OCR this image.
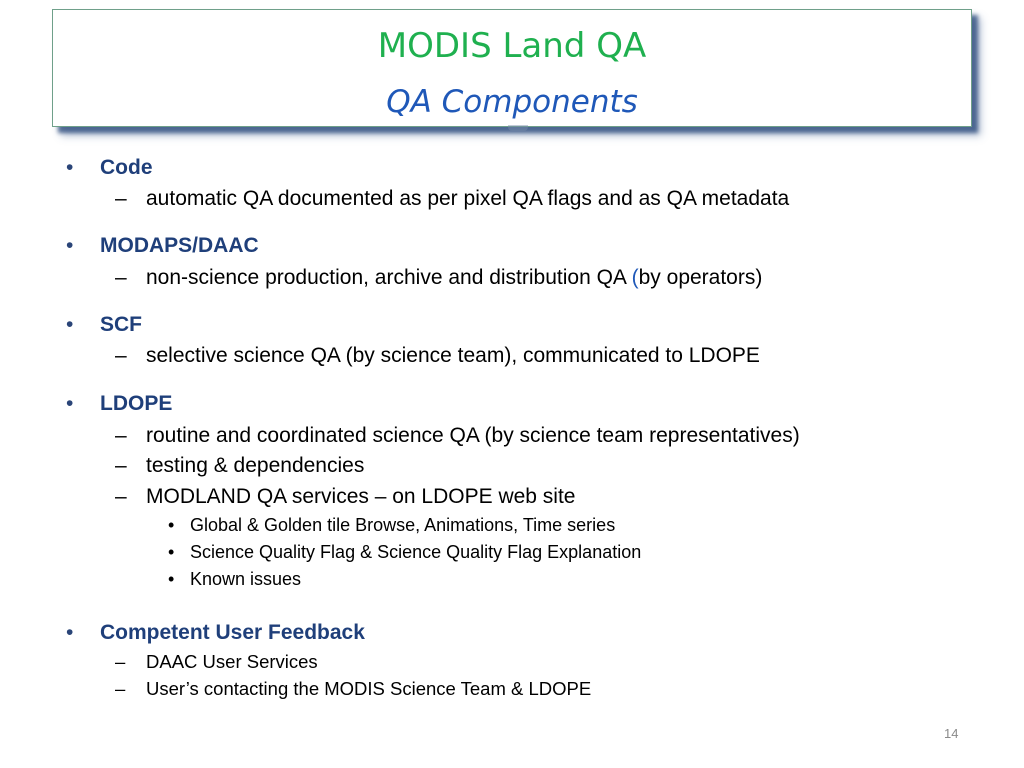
MODIS Land QA
QA Components
• Code
– automatic QA documented as per pixel QA flags and as QA metadata
• MODAPS/DAAC
– non-science production, archive and distribution QA (by operators)
• SCF
– selective science QA (by science team), communicated to LDOPE
• LDOPE
– routine and coordinated science QA (by science team representatives)
– testing & dependencies
– MODLAND QA services – on LDOPE web site
• Global & Golden tile Browse, Animations, Time series
• Science Quality Flag & Science Quality Flag Explanation
• Known issues
• Competent User Feedback
– DAAC User Services
– User’s contacting the MODIS Science Team & LDOPE
14
